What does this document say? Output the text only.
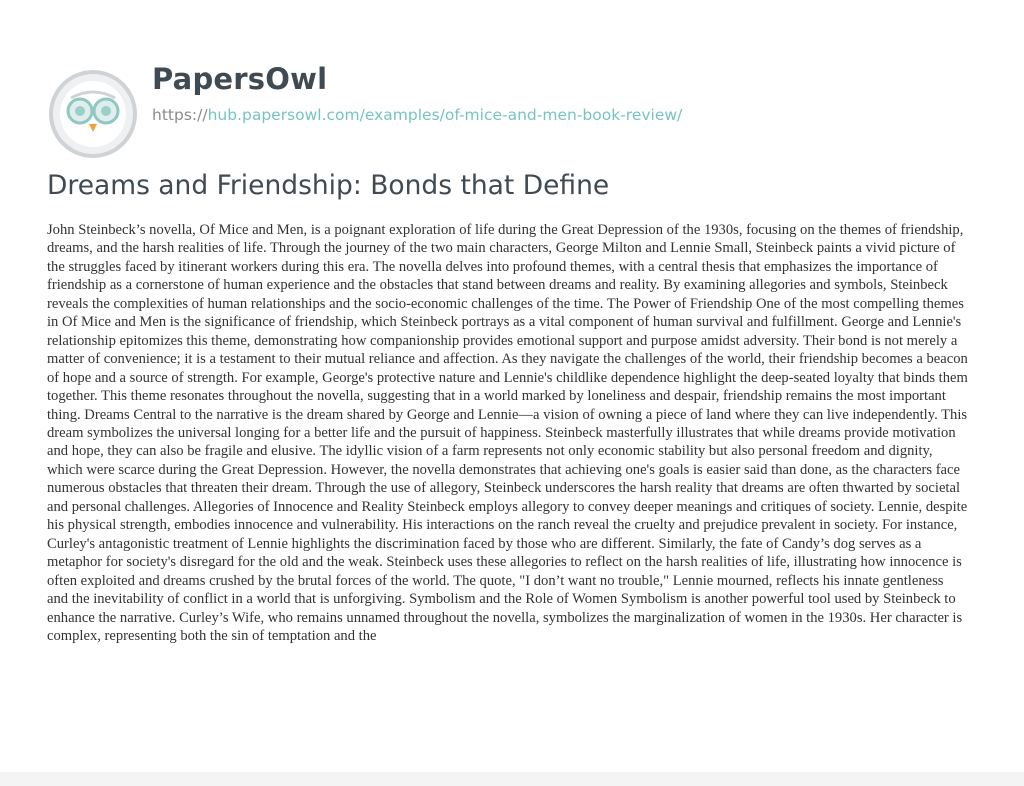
PapersOwl
https://hub.papersowl.com/examples/of-mice-and-men-book-review/
Dreams and Friendship: Bonds that Define

John Steinbeck’s novella, Of Mice and Men, is a poignant exploration of life during the Great Depression of the 1930s, focusing on the themes of friendship, dreams, and the harsh realities of life. Through the journey of the two main characters, George Milton and Lennie Small, Steinbeck paints a vivid picture of the struggles faced by itinerant workers during this era. The novella delves into profound themes, with a central thesis that emphasizes the importance of friendship as a cornerstone of human experience and the obstacles that stand between dreams and reality. By examining allegories and symbols, Steinbeck reveals the complexities of human relationships and the socio-economic challenges of the time. The Power of Friendship One of the most compelling themes in Of Mice and Men is the significance of friendship, which Steinbeck portrays as a vital component of human survival and fulfillment. George and Lennie's relationship epitomizes this theme, demonstrating how companionship provides emotional support and purpose amidst adversity. Their bond is not merely a matter of convenience; it is a testament to their mutual reliance and affection. As they navigate the challenges of the world, their friendship becomes a beacon of hope and a source of strength. For example, George's protective nature and Lennie's childlike dependence highlight the deep-seated loyalty that binds them together. This theme resonates throughout the novella, suggesting that in a world marked by loneliness and despair, friendship remains the most important thing. Dreams Central to the narrative is the dream shared by George and Lennie—a vision of owning a piece of land where they can live independently. This dream symbolizes the universal longing for a better life and the pursuit of happiness. Steinbeck masterfully illustrates that while dreams provide motivation and hope, they can also be fragile and elusive. The idyllic vision of a farm represents not only economic stability but also personal freedom and dignity, which were scarce during the Great Depression. However, the novella demonstrates that achieving one's goals is easier said than done, as the characters face numerous obstacles that threaten their dream. Through the use of allegory, Steinbeck underscores the harsh reality that dreams are often thwarted by societal and personal challenges. Allegories of Innocence and Reality Steinbeck employs allegory to convey deeper meanings and critiques of society. Lennie, despite his physical strength, embodies innocence and vulnerability. His interactions on the ranch reveal the cruelty and prejudice prevalent in society. For instance, Curley's antagonistic treatment of Lennie highlights the discrimination faced by those who are different. Similarly, the fate of Candy’s dog serves as a metaphor for society's disregard for the old and the weak. Steinbeck uses these allegories to reflect on the harsh realities of life, illustrating how innocence is often exploited and dreams crushed by the brutal forces of the world. The quote, "I don’t want no trouble," Lennie mourned, reflects his innate gentleness and the inevitability of conflict in a world that is unforgiving. Symbolism and the Role of Women Symbolism is another powerful tool used by Steinbeck to enhance the narrative. Curley’s Wife, who remains unnamed throughout the novella, symbolizes the marginalization of women in the 1930s. Her character is complex, representing both the sin of temptation and the
